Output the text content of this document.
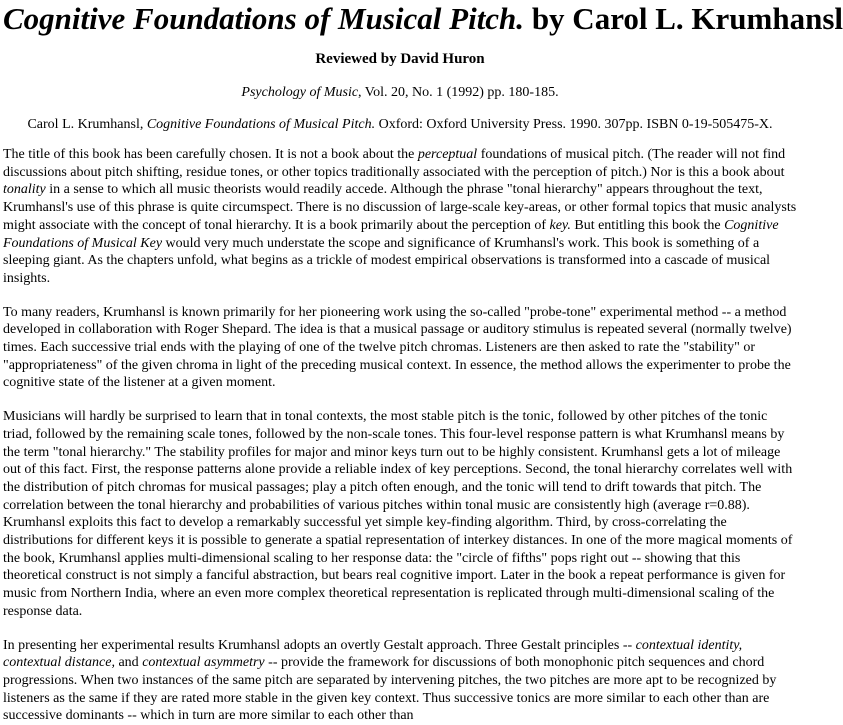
Cognitive Foundations of Musical Pitch. by Carol L. Krumhansl
Reviewed by David Huron
Psychology of Music, Vol. 20, No. 1 (1992) pp. 180-185.
Carol L. Krumhansl, Cognitive Foundations of Musical Pitch. Oxford: Oxford University Press. 1990. 307pp. ISBN 0-19-505475-X.

The title of this book has been carefully chosen. It is not a book about the perceptual foundations of musical pitch. (The reader will not find discussions about pitch shifting, residue tones, or other topics traditionally associated with the perception of pitch.) Nor is this a book about tonality in a sense to which all music theorists would readily accede. Although the phrase "tonal hierarchy" appears throughout the text, Krumhansl's use of this phrase is quite circumspect. There is no discussion of large-scale key-areas, or other formal topics that music analysts might associate with the concept of tonal hierarchy. It is a book primarily about the perception of key. But entitling this book the Cognitive Foundations of Musical Key would very much understate the scope and significance of Krumhansl's work. This book is something of a sleeping giant. As the chapters unfold, what begins as a trickle of modest empirical observations is transformed into a cascade of musical insights.

To many readers, Krumhansl is known primarily for her pioneering work using the so-called "probe-tone" experimental method -- a method developed in collaboration with Roger Shepard. The idea is that a musical passage or auditory stimulus is repeated several (normally twelve) times. Each successive trial ends with the playing of one of the twelve pitch chromas. Listeners are then asked to rate the "stability" or "appropriateness" of the given chroma in light of the preceding musical context. In essence, the method allows the experimenter to probe the cognitive state of the listener at a given moment.

Musicians will hardly be surprised to learn that in tonal contexts, the most stable pitch is the tonic, followed by other pitches of the tonic triad, followed by the remaining scale tones, followed by the non-scale tones. This four-level response pattern is what Krumhansl means by the term "tonal hierarchy." The stability profiles for major and minor keys turn out to be highly consistent. Krumhansl gets a lot of mileage out of this fact. First, the response patterns alone provide a reliable index of key perceptions. Second, the tonal hierarchy correlates well with the distribution of pitch chromas for musical passages; play a pitch often enough, and the tonic will tend to drift towards that pitch. The correlation between the tonal hierarchy and probabilities of various pitches within tonal music are consistently high (average r=0.88). Krumhansl exploits this fact to develop a remarkably successful yet simple key-finding algorithm. Third, by cross-correlating the distributions for different keys it is possible to generate a spatial representation of interkey distances. In one of the more magical moments of the book, Krumhansl applies multi-dimensional scaling to her response data: the "circle of fifths" pops right out -- showing that this theoretical construct is not simply a fanciful abstraction, but bears real cognitive import. Later in the book a repeat performance is given for music from Northern India, where an even more complex theoretical representation is replicated through multi-dimensional scaling of the response data.

In presenting her experimental results Krumhansl adopts an overtly Gestalt approach. Three Gestalt principles -- contextual identity, contextual distance, and contextual asymmetry -- provide the framework for discussions of both monophonic pitch sequences and chord progressions. When two instances of the same pitch are separated by intervening pitches, the two pitches are more apt to be recognized by listeners as the same if they are rated more stable in the given key context. Thus successive tonics are more similar to each other than are successive dominants -- which in turn are more similar to each other than
